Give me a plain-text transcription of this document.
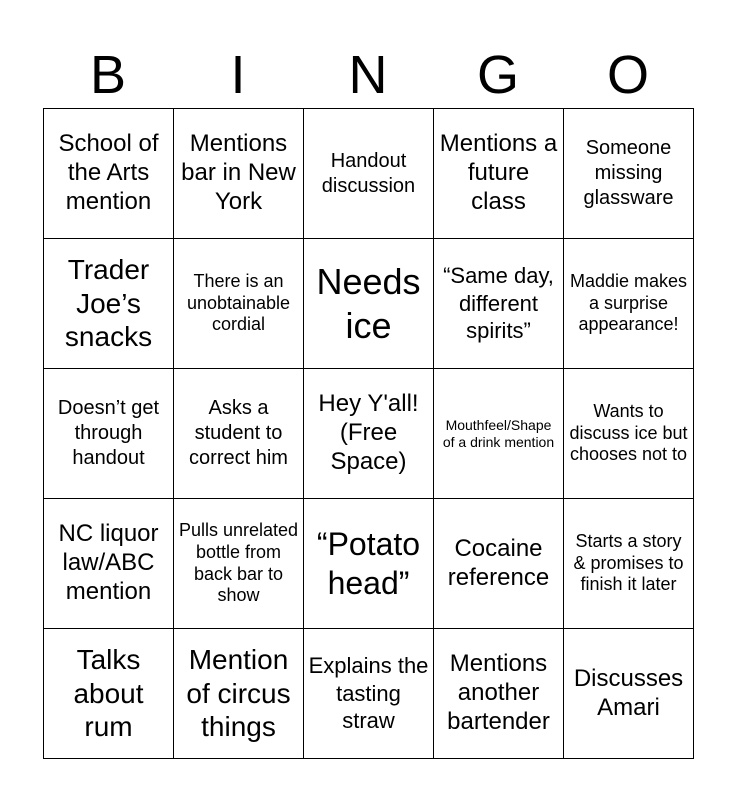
B	I	N	G	O
School of the Arts mention	Mentions bar in New York	Handout discussion	Mentions a future class	Someone missing glassware
Trader Joe’s snacks	There is an unobtainable cordial	Needs ice	“Same day, different spirits”	Maddie makes a surprise appearance!
Doesn’t get through handout	Asks a student to correct him	Hey Y'all! (Free Space)	Mouthfeel/Shape of a drink mention	Wants to discuss ice but chooses not to
NC liquor law/ABC mention	Pulls unrelated bottle from back bar to show	“Potato head”	Cocaine reference	Starts a story & promises to finish it later
Talks about rum	Mention of circus things	Explains the tasting straw	Mentions another bartender	Discusses Amari
